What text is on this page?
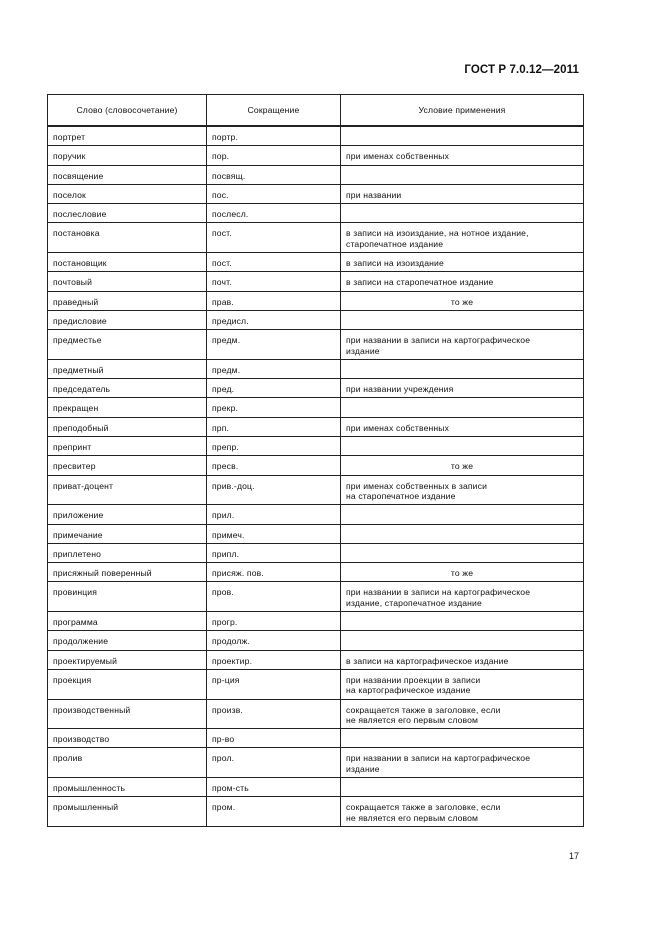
ГОСТ Р 7.0.12—2011
Слово (словосочетание)	Сокращение	Условие применения
портрет	портр.	
поручик	пор.	при именах собственных
посвящение	посвящ.	
поселок	пос.	при названии
послесловие	послесл.	
постановка	пост.	в записи на изоиздание, на нотное издание,
старопечатное издание
постановщик	пост.	в записи на изоиздание
почтовый	почт.	в записи на старопечатное издание
праведный	прав.	то же
предисловие	предисл.	
предместье	предм.	при названии в записи на картографическое
издание
предметный	предм.	
председатель	пред.	при названии учреждения
прекращен	прекр.	
преподобный	прп.	при именах собственных
препринт	препр.	
пресвитер	пресв.	то же
приват-доцент	прив.-доц.	при именах собственных в записи
на старопечатное издание
приложение	прил.	
примечание	примеч.	
приплетено	припл.	
присяжный поверенный	присяж. пов.	то же
провинция	пров.	при названии в записи на картографическое
издание, старопечатное издание
программа	прогр.	
продолжение	продолж.	
проектируемый	проектир.	в записи на картографическое издание
проекция	пр-ция	при названии проекции в записи
на картографическое издание
производственный	произв.	сокращается также в заголовке, если
не является его первым словом
производство	пр-во	
пролив	прол.	при названии в записи на картографическое
издание
промышленность	пром-сть	
промышленный	пром.	сокращается также в заголовке, если
не является его первым словом
17
